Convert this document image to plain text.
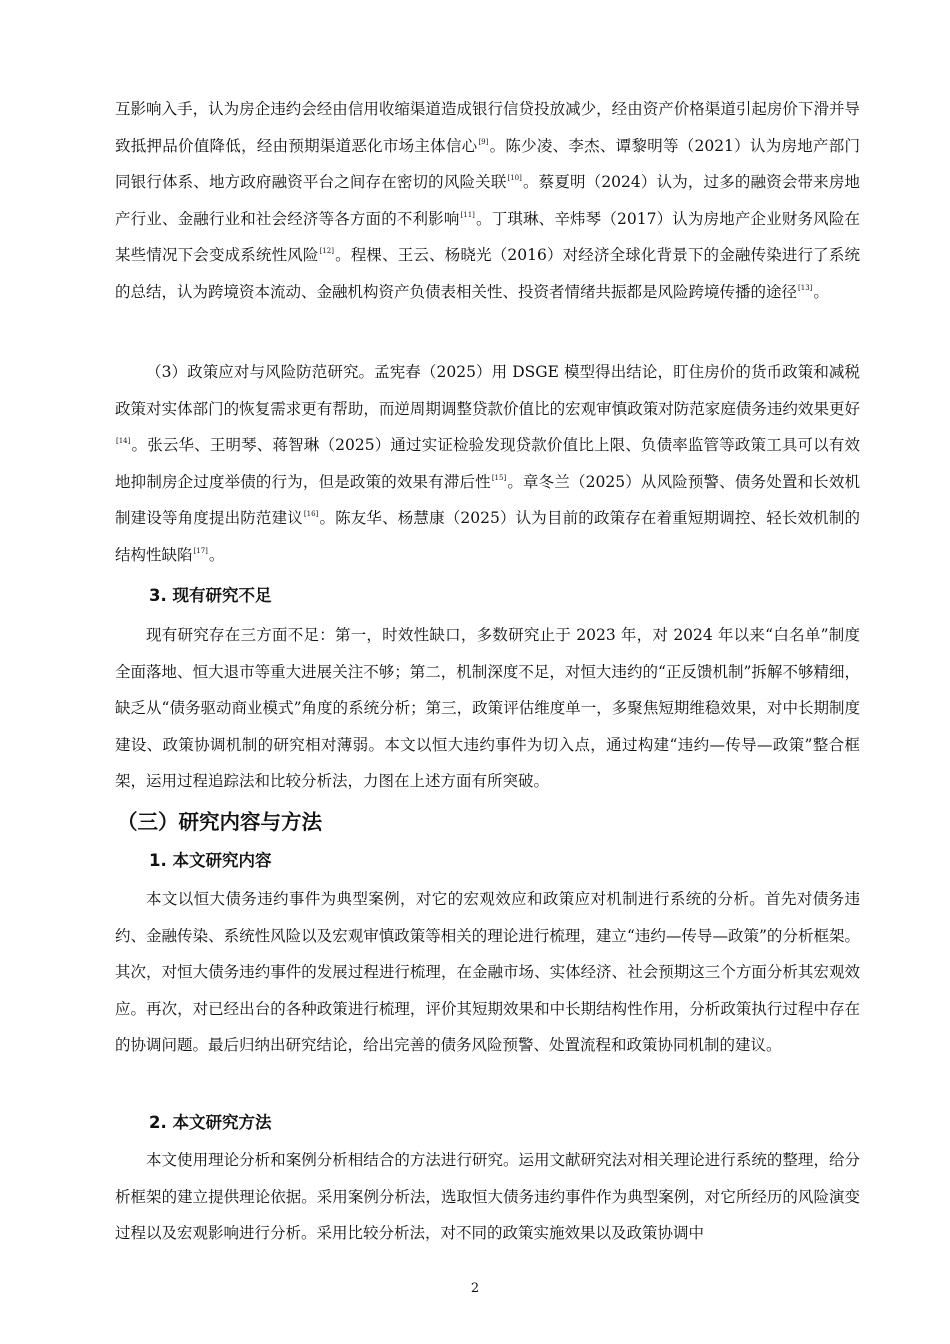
互影响入手，认为房企违约会经由信用收缩渠道造成银行信贷投放减少，经由资产价格渠道引起房价下滑并导致抵押品价值降低，经由预期渠道恶化市场主体信心[9]。陈少凌、李杰、谭黎明等（2021）认为房地产部门同银行体系、地方政府融资平台之间存在密切的风险关联[10]。蔡夏明（2024）认为，过多的融资会带来房地产行业、金融行业和社会经济等各方面的不利影响[11]。丁琪琳、辛炜琴（2017）认为房地产企业财务风险在某些情况下会变成系统性风险[12]。程棵、王云、杨晓光（2016）对经济全球化背景下的金融传染进行了系统的总结，认为跨境资本流动、金融机构资产负债表相关性、投资者情绪共振都是风险跨境传播的途径[13]。

（3）政策应对与风险防范研究。孟宪春（2025）用 DSGE 模型得出结论，盯住房价的货币政策和减税政策对实体部门的恢复需求更有帮助，而逆周期调整贷款价值比的宏观审慎政策对防范家庭债务违约效果更好[14]。张云华、王明琴、蒋智琳（2025）通过实证检验发现贷款价值比上限、负债率监管等政策工具可以有效地抑制房企过度举债的行为，但是政策的效果有滞后性[15]。章冬兰（2025）从风险预警、债务处置和长效机制建设等角度提出防范建议[16]。陈友华、杨慧康（2025）认为目前的政策存在着重短期调控、轻长效机制的结构性缺陷[17]。

3. 现有研究不足

现有研究存在三方面不足：第一，时效性缺口，多数研究止于 2023 年，对 2024 年以来“白名单”制度全面落地、恒大退市等重大进展关注不够；第二，机制深度不足，对恒大违约的“正反馈机制”拆解不够精细，缺乏从“债务驱动商业模式”角度的系统分析；第三，政策评估维度单一，多聚焦短期维稳效果，对中长期制度建设、政策协调机制的研究相对薄弱。本文以恒大违约事件为切入点，通过构建“违约—传导—政策”整合框架，运用过程追踪法和比较分析法，力图在上述方面有所突破。

（三）研究内容与方法
1. 本文研究内容

本文以恒大债务违约事件为典型案例，对它的宏观效应和政策应对机制进行系统的分析。首先对债务违约、金融传染、系统性风险以及宏观审慎政策等相关的理论进行梳理，建立“违约—传导—政策”的分析框架。其次，对恒大债务违约事件的发展过程进行梳理，在金融市场、实体经济、社会预期这三个方面分析其宏观效应。再次，对已经出台的各种政策进行梳理，评价其短期效果和中长期结构性作用，分析政策执行过程中存在的协调问题。最后归纳出研究结论，给出完善的债务风险预警、处置流程和政策协同机制的建议。

2. 本文研究方法

本文使用理论分析和案例分析相结合的方法进行研究。运用文献研究法对相关理论进行系统的整理，给分析框架的建立提供理论依据。采用案例分析法，选取恒大债务违约事件作为典型案例，对它所经历的风险演变过程以及宏观影响进行分析。采用比较分析法，对不同的政策实施效果以及政策协调中

2
